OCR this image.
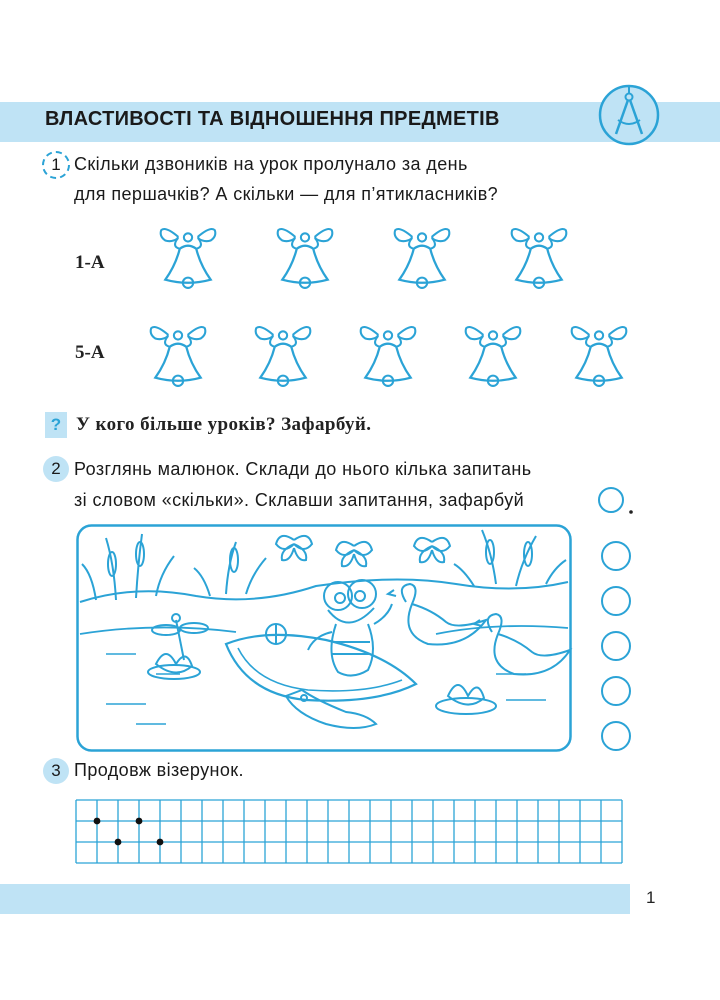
ВЛАСТИВОСТІ ТА ВІДНОШЕННЯ ПРЕДМЕТІВ
1 Скільки дзвоників на урок пролунало за день
для першачків? А скільки — для п’ятикласників?
1-А
5-А
? У кого більше уроків? Зафарбуй.
2 Розглянь малюнок. Склади до нього кілька запитань
зі словом «скільки». Склавши запитання, зафарбуй
3 Продовж візерунок.
1
